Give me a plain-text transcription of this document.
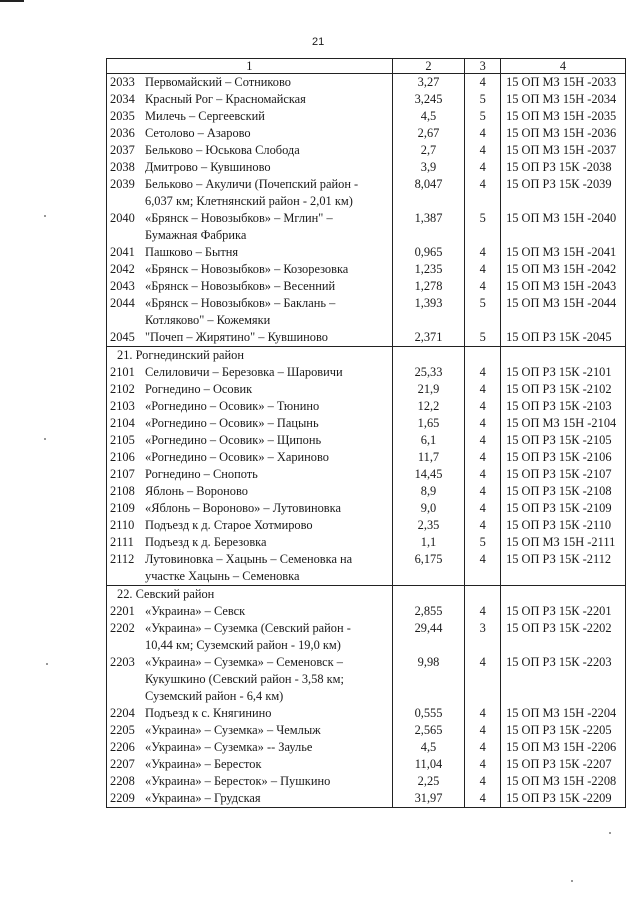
21
1	2	3	4

2033 Первомайский – Сотниково	3,27	4	15 ОП МЗ 15Н -2033

2034 Красный Рог – Красномайская	3,245	5	15 ОП МЗ 15Н -2034

2035 Милечь – Сергеевский	4,5	5	15 ОП МЗ 15Н -2035

2036 Сетолово – Азарово	2,67	4	15 ОП МЗ 15Н -2036

2037 Бельково – Юськова Слобода	2,7	4	15 ОП МЗ 15Н -2037

2038 Дмитрово – Кувшиново	3,9	4	15 ОП РЗ 15К -2038

2039 Бельково – Акуличи (Почепский район -
6,037 км; Клетнянский район - 2,01 км)	8,047	4	15 ОП РЗ 15К -2039

2040 «Брянск – Новозыбков» – Мглин" –
Бумажная Фабрика	1,387	5	15 ОП МЗ 15Н -2040

2041 Пашково – Бытня	0,965	4	15 ОП МЗ 15Н -2041

2042 «Брянск – Новозыбков» – Козорезовка	1,235	4	15 ОП МЗ 15Н -2042

2043 «Брянск – Новозыбков» – Весенний	1,278	4	15 ОП МЗ 15Н -2043

2044 «Брянск – Новозыбков» – Баклань –
Котляково" – Кожемяки	1,393	5	15 ОП МЗ 15Н -2044

2045 "Почеп – Жирятино" – Кувшиново	2,371	5	15 ОП РЗ 15К -2045
21. Рогнединский район			

2101 Селиловичи – Березовка – Шаровичи	25,33	4	15 ОП РЗ 15К -2101

2102 Рогнедино – Осовик	21,9	4	15 ОП РЗ 15К -2102

2103 «Рогнедино – Осовик» – Тюнино	12,2	4	15 ОП РЗ 15К -2103

2104 «Рогнедино – Осовик» – Пацынь	1,65	4	15 ОП МЗ 15Н -2104

2105 «Рогнедино – Осовик» – Щипонь	6,1	4	15 ОП РЗ 15К -2105

2106 «Рогнедино – Осовик» – Хариново	11,7	4	15 ОП РЗ 15К -2106

2107 Рогнедино – Снопоть	14,45	4	15 ОП РЗ 15К -2107

2108 Яблонь – Вороново	8,9	4	15 ОП РЗ 15К -2108

2109 «Яблонь – Вороново» – Лутовиновка	9,0	4	15 ОП РЗ 15К -2109

2110 Подъезд к д. Старое Хотмирово	2,35	4	15 ОП РЗ 15К -2110

2111 Подъезд к д. Березовка	1,1	5	15 ОП МЗ 15Н -2111

2112 Лутовиновка – Хацынь – Семеновка на
участке Хацынь – Семеновка	6,175	4	15 ОП РЗ 15К -2112
22. Севский район			

2201 «Украина» – Севск	2,855	4	15 ОП РЗ 15К -2201

2202 «Украина» – Суземка (Севский район -
10,44 км; Суземский район - 19,0 км)	29,44	3	15 ОП РЗ 15К -2202

2203 «Украина» – Суземка» – Семеновск –
Кукушкино (Севский район - 3,58 км;
Суземский район - 6,4 км)	9,98	4	15 ОП РЗ 15К -2203

2204 Подъезд к с. Княгинино	0,555	4	15 ОП МЗ 15Н -2204

2205 «Украина» – Суземка» – Чемлыж	2,565	4	15 ОП РЗ 15К -2205

2206 «Украина» – Суземка» -- Заулье	4,5	4	15 ОП МЗ 15Н -2206

2207 «Украина» – Бересток	11,04	4	15 ОП РЗ 15К -2207

2208 «Украина» – Бересток» – Пушкино	2,25	4	15 ОП МЗ 15Н -2208

2209 «Украина» – Грудская	31,97	4	15 ОП РЗ 15К -2209
